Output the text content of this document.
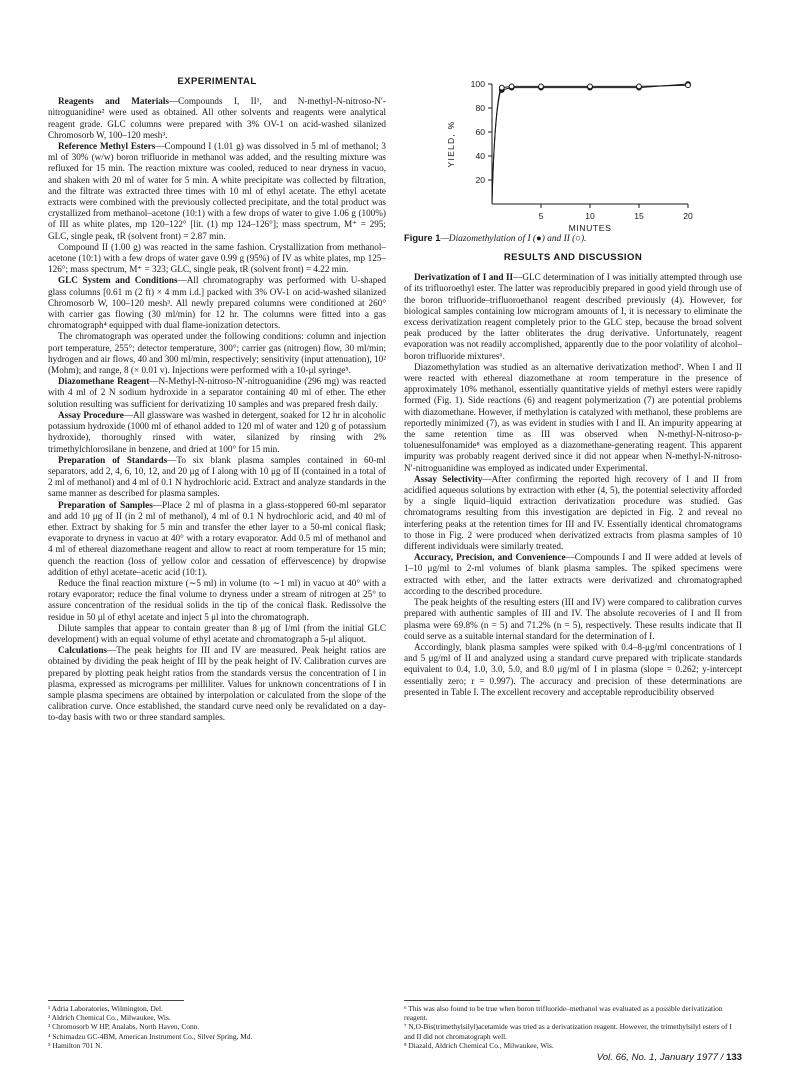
EXPERIMENTAL

Reagents and Materials—Compounds I, II¹, and N-methyl-N-nitroso-N′-nitroguanidine² were used as obtained. All other solvents and reagents were analytical reagent grade. GLC columns were prepared with 3% OV-1 on acid-washed silanized Chromosorb W, 100–120 mesh³.

Reference Methyl Esters—Compound I (1.01 g) was dissolved in 5 ml of methanol; 3 ml of 30% (w/w) boron trifluoride in methanol was added, and the resulting mixture was refluxed for 15 min. The reaction mixture was cooled, reduced to near dryness in vacuo, and shaken with 20 ml of water for 5 min. A white precipitate was collected by filtration, and the filtrate was extracted three times with 10 ml of ethyl acetate. The ethyl acetate extracts were combined with the previously collected precipitate, and the total product was crystallized from methanol–acetone (10:1) with a few drops of water to give 1.06 g (100%) of III as white plates, mp 120–122° [lit. (1) mp 124–126°]; mass spectrum, M⁺ = 295; GLC, single peak, tR (solvent front) = 2.87 min.

Compound II (1.00 g) was reacted in the same fashion. Crystallization from methanol–acetone (10:1) with a few drops of water gave 0.99 g (95%) of IV as white plates, mp 125–126°; mass spectrum, M⁺ = 323; GLC, single peak, tR (solvent front) = 4.22 min.

GLC System and Conditions—All chromatography was performed with U-shaped glass columns [0.61 m (2 ft) × 4 mm i.d.] packed with 3% OV-1 on acid-washed silanized Chromosorb W, 100–120 mesh³. All newly prepared columns were conditioned at 260° with carrier gas flowing (30 ml/min) for 12 hr. The columns were fitted into a gas chromatograph⁴ equipped with dual flame-ionization detectors.

The chromatograph was operated under the following conditions: column and injection port temperature, 255°; detector temperature, 300°; carrier gas (nitrogen) flow, 30 ml/min; hydrogen and air flows, 40 and 300 ml/min, respectively; sensitivity (input attenuation), 10² (Mohm); and range, 8 (× 0.01 v). Injections were performed with a 10-μl syringe⁵.

Diazomethane Reagent—N-Methyl-N-nitroso-N′-nitroguanidine (296 mg) was reacted with 4 ml of 2 N sodium hydroxide in a separator containing 40 ml of ether. The ether solution resulting was sufficient for derivatizing 10 samples and was prepared fresh daily.

Assay Procedure—All glassware was washed in detergent, soaked for 12 hr in alcoholic potassium hydroxide (1000 ml of ethanol added to 120 ml of water and 120 g of potassium hydroxide), thoroughly rinsed with water, silanized by rinsing with 2% trimethylchlorosilane in benzene, and dried at 100° for 15 min.

Preparation of Standards—To six blank plasma samples contained in 60-ml separators, add 2, 4, 6, 10, 12, and 20 μg of I along with 10 μg of II (contained in a total of 2 ml of methanol) and 4 ml of 0.1 N hydrochloric acid. Extract and analyze standards in the same manner as described for plasma samples.

Preparation of Samples—Place 2 ml of plasma in a glass-stoppered 60-ml separator and add 10 μg of II (in 2 ml of methanol), 4 ml of 0.1 N hydrochloric acid, and 40 ml of ether. Extract by shaking for 5 min and transfer the ether layer to a 50-ml conical flask; evaporate to dryness in vacuo at 40° with a rotary evaporator. Add 0.5 ml of methanol and 4 ml of ethereal diazomethane reagent and allow to react at room temperature for 15 min; quench the reaction (loss of yellow color and cessation of effervescence) by dropwise addition of ethyl acetate–acetic acid (10:1).

Reduce the final reaction mixture (∼5 ml) in volume (to ∼1 ml) in vacuo at 40° with a rotary evaporator; reduce the final volume to dryness under a stream of nitrogen at 25° to assure concentration of the residual solids in the tip of the conical flask. Redissolve the residue in 50 μl of ethyl acetate and inject 5 μl into the chromatograph.

Dilute samples that appear to contain greater than 8 μg of I/ml (from the initial GLC development) with an equal volume of ethyl acetate and chromatograph a 5-μl aliquot.

Calculations—The peak heights for III and IV are measured. Peak height ratios are obtained by dividing the peak height of III by the peak height of IV. Calibration curves are prepared by plotting peak height ratios from the standards versus the concentration of I in plasma, expressed as micrograms per milliliter. Values for unknown concentrations of I in sample plasma specimens are obtained by interpolation or calculated from the slope of the calibration curve. Once established, the standard curve need only be revalidated on a day-to-day basis with two or three standard samples.

20
40
60
80
100
5	10	15	20
MINUTES
YIELD, %
Figure 1—Diazomethylation of I (●) and II (○).
RESULTS AND DISCUSSION

Derivatization of I and II—GLC determination of I was initially attempted through use of its trifluoroethyl ester. The latter was reproducibly prepared in good yield through use of the boron trifluoride–trifluoroethanol reagent described previously (4). However, for biological samples containing low microgram amounts of I, it is necessary to eliminate the excess derivatization reagent completely prior to the GLC step, because the broad solvent peak produced by the latter obliterates the drug derivative. Unfortunately, reagent evaporation was not readily accomplished, apparently due to the poor volatility of alcohol–boron trifluoride mixtures⁶.

Diazomethylation was studied as an alternative derivatization method⁷. When I and II were reacted with ethereal diazomethane at room temperature in the presence of approximately 10% methanol, essentially quantitative yields of methyl esters were rapidly formed (Fig. 1). Side reactions (6) and reagent polymerization (7) are potential problems with diazomethane. However, if methylation is catalyzed with methanol, these problems are reportedly minimized (7), as was evident in studies with I and II. An impurity appearing at the same retention time as III was observed when N-methyl-N-nitroso-p-toluenesulfonamide⁸ was employed as a diazomethane-generating reagent. This apparent impurity was probably reagent derived since it did not appear when N-methyl-N-nitroso-N′-nitroguanidine was employed as indicated under Experimental.

Assay Selectivity—After confirming the reported high recovery of I and II from acidified aqueous solutions by extraction with ether (4, 5), the potential selectivity afforded by a single liquid–liquid extraction derivatization procedure was studied. Gas chromatograms resulting from this investigation are depicted in Fig. 2 and reveal no interfering peaks at the retention times for III and IV. Essentially identical chromatograms to those in Fig. 2 were produced when derivatized extracts from plasma samples of 10 different individuals were similarly treated.

Accuracy, Precision, and Convenience—Compounds I and II were added at levels of 1–10 μg/ml to 2-ml volumes of blank plasma samples. The spiked specimens were extracted with ether, and the latter extracts were derivatized and chromatographed according to the described procedure.

The peak heights of the resulting esters (III and IV) were compared to calibration curves prepared with authentic samples of III and IV. The absolute recoveries of I and II from plasma were 69.8% (n = 5) and 71.2% (n = 5), respectively. These results indicate that II could serve as a suitable internal standard for the determination of I.

Accordingly, blank plasma samples were spiked with 0.4–8-μg/ml concentrations of I and 5 μg/ml of II and analyzed using a standard curve prepared with triplicate standards equivalent to 0.4, 1.0, 3.0, 5.0, and 8.0 μg/ml of I in plasma (slope = 0.262; y-intercept essentially zero; r = 0.997). The accuracy and precision of these determinations are presented in Table I. The excellent recovery and acceptable reproducibility observed

¹ Adria Laboratories, Wilmington, Del.

² Aldrich Chemical Co., Milwaukee, Wis.

³ Chromosorb W HP, Analabs, North Haven, Conn.

⁴ Schimadzu GC-4BM, American Instrument Co., Silver Spring, Md.

⁵ Hamilton 701 N.

⁶ This was also found to be true when boron trifluoride–methanol was evaluated as a possible derivatization reagent.

⁷ N,O-Bis(trimethylsilyl)acetamide was tried as a derivatization reagent. However, the trimethylsilyl esters of I and II did not chromatograph well.

⁸ Diazald, Aldrich Chemical Co., Milwaukee, Wis.

Vol. 66, No. 1, January 1977 / 133
